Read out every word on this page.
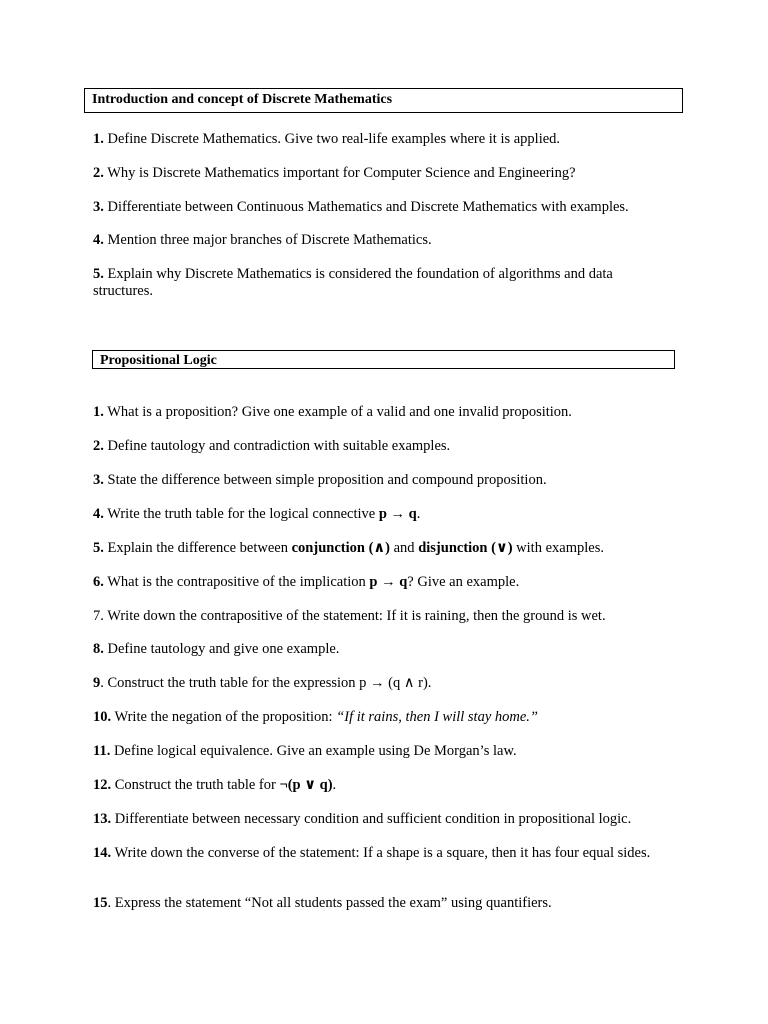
Introduction and concept of Discrete Mathematics
1. Define Discrete Mathematics. Give two real-life examples where it is applied.
2. Why is Discrete Mathematics important for Computer Science and Engineering?
3. Differentiate between Continuous Mathematics and Discrete Mathematics with examples.
4. Mention three major branches of Discrete Mathematics.
5. Explain why Discrete Mathematics is considered the foundation of algorithms and data structures.
Propositional Logic
1. What is a proposition? Give one example of a valid and one invalid proposition.
2. Define tautology and contradiction with suitable examples.
3. State the difference between simple proposition and compound proposition.
4. Write the truth table for the logical connective p → q.
5. Explain the difference between conjunction (∧) and disjunction (∨) with examples.
6. What is the contrapositive of the implication p → q? Give an example.
7. Write down the contrapositive of the statement: If it is raining, then the ground is wet.
8. Define tautology and give one example.
9. Construct the truth table for the expression p → (q ∧ r).
10. Write the negation of the proposition: “If it rains, then I will stay home.”
11. Define logical equivalence. Give an example using De Morgan’s law.
12. Construct the truth table for ¬(p ∨ q).
13. Differentiate between necessary condition and sufficient condition in propositional logic.
14. Write down the converse of the statement: If a shape is a square, then it has four equal sides.
15. Express the statement “Not all students passed the exam” using quantifiers.
